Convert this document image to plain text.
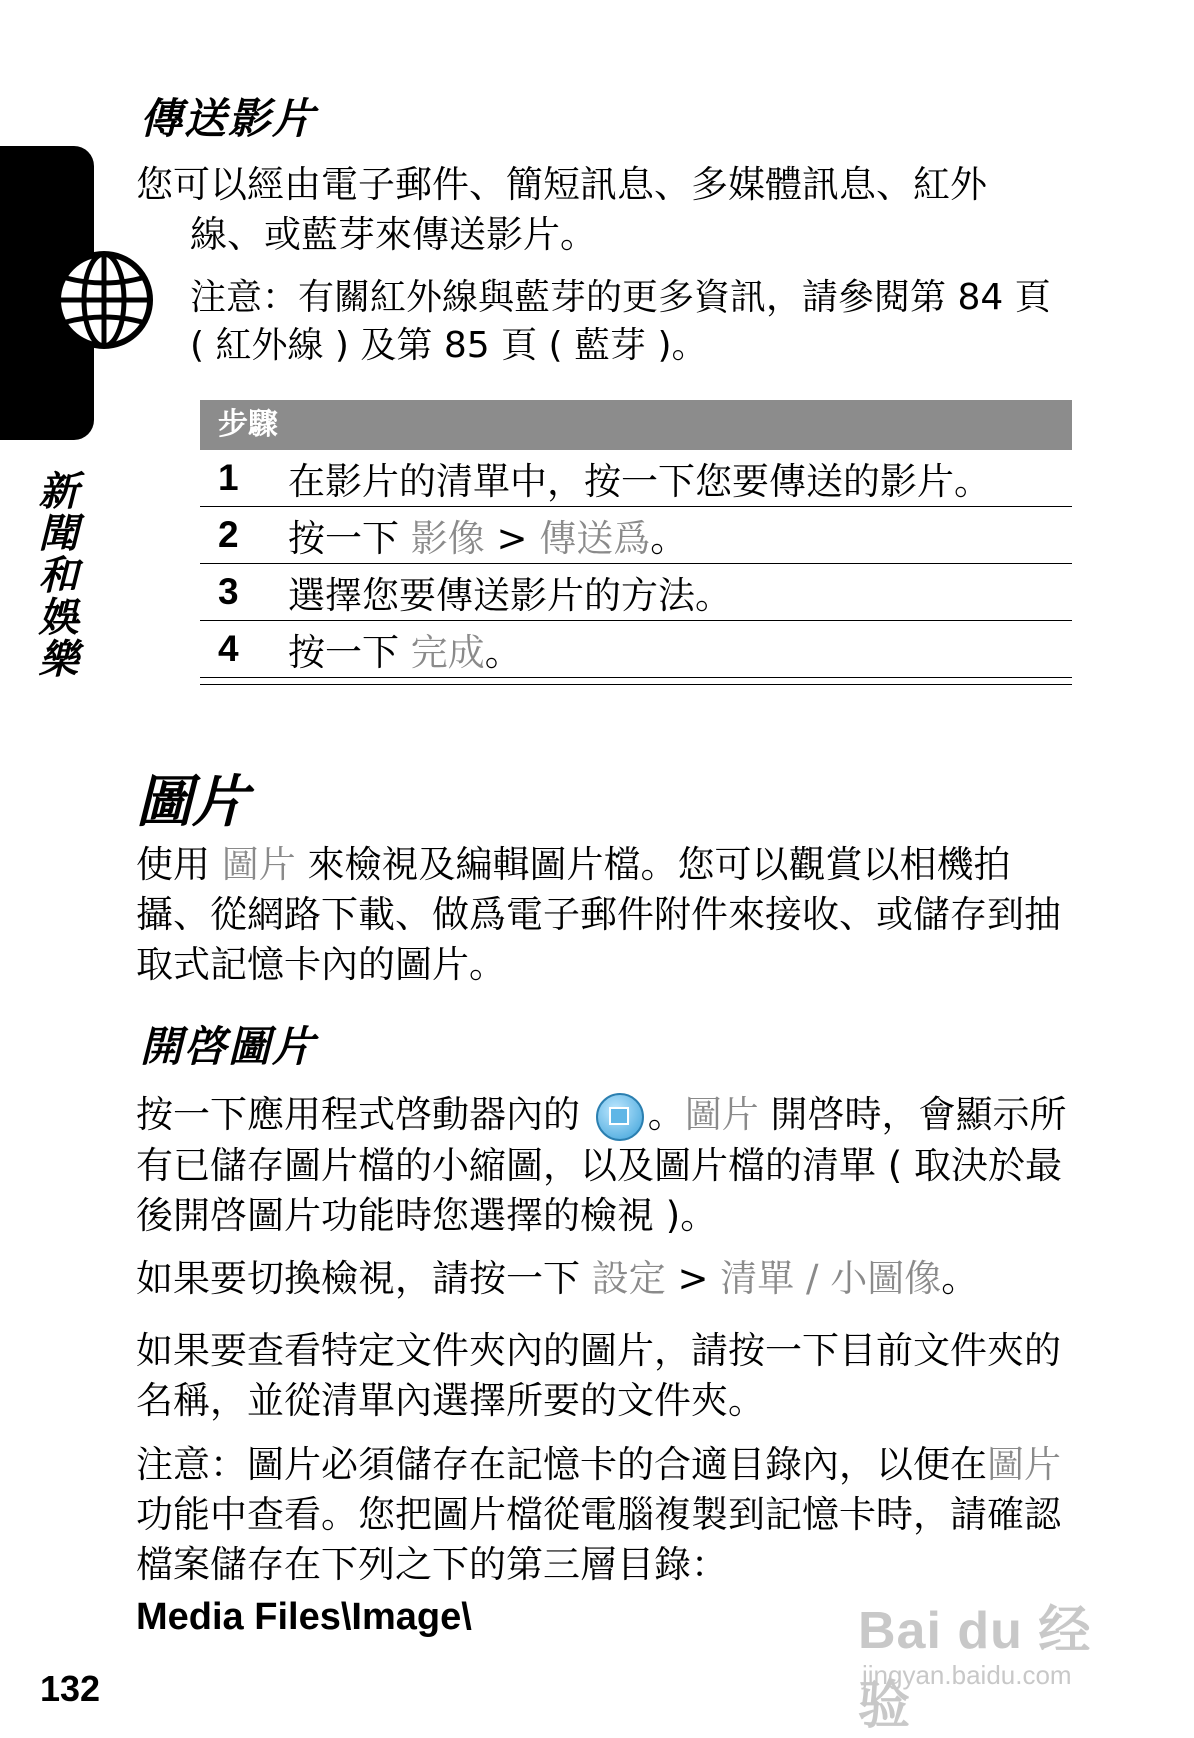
新聞和娛樂
傳送影片
您可以經由電子郵件、簡短訊息、多媒體訊息、紅外
線、或藍芽來傳送影片。
注意：有關紅外線與藍芽的更多資訊，請參閱第 84 頁 ( 紅外線 ) 及第 85 頁 ( 藍芽 )。
步驟
1	在影片的清單中，按一下您要傳送的影片。
2	按一下 影像 > 傳送爲。
3	選擇您要傳送影片的方法。
4	按一下 完成。
圖片
使用 圖片 來檢視及編輯圖片檔。您可以觀賞以相機拍攝、從網路下載、做爲電子郵件附件來接收、或儲存到抽取式記憶卡內的圖片。
開啓圖片
按一下應用程式啓動器內的 。圖片 開啓時，會顯示所有已儲存圖片檔的小縮圖，以及圖片檔的清單 ( 取決於最後開啓圖片功能時您選擇的檢視 )。
如果要切換檢視，請按一下 設定 > 清單 / 小圖像。
如果要查看特定文件夾內的圖片，請按一下目前文件夾的名稱，並從清單內選擇所要的文件夾。
注意：圖片必須儲存在記憶卡的合適目錄內，以便在圖片 功能中查看。您把圖片檔從電腦複製到記憶卡時，請確認檔案儲存在下列之下的第三層目錄：
Media Files\Image\
132
Bai du 经验
jingyan.baidu.com
